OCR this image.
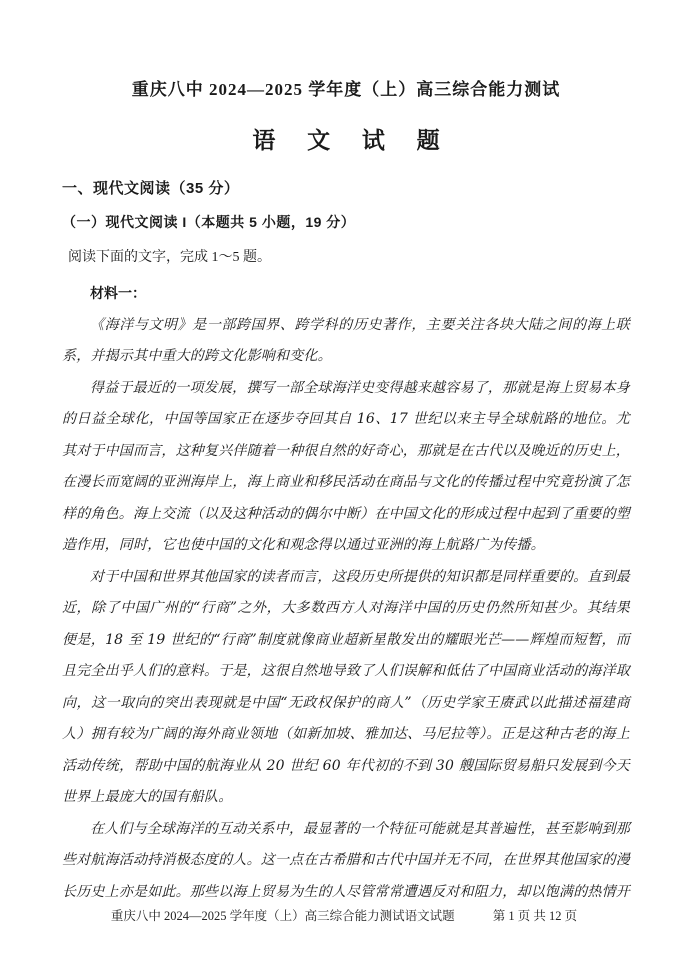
重庆八中 2024—2025 学年度（上）高三综合能力测试
语 文 试 题
一、现代文阅读（35 分）
（一）现代文阅读 I（本题共 5 小题，19 分）
阅读下面的文字，完成 1～5 题。
材料一：

《海洋与文明》是一部跨国界、跨学科的历史著作，主要关注各块大陆之间的海上联系，并揭示其中重大的跨文化影响和变化。

得益于最近的一项发展，撰写一部全球海洋史变得越来越容易了，那就是海上贸易本身的日益全球化，中国等国家正在逐步夺回其自 16、17 世纪以来主导全球航路的地位。尤其对于中国而言，这种复兴伴随着一种很自然的好奇心，那就是在古代以及晚近的历史上，在漫长而宽阔的亚洲海岸上，海上商业和移民活动在商品与文化的传播过程中究竟扮演了怎样的角色。海上交流（以及这种活动的偶尔中断）在中国文化的形成过程中起到了重要的塑造作用，同时，它也使中国的文化和观念得以通过亚洲的海上航路广为传播。

对于中国和世界其他国家的读者而言，这段历史所提供的知识都是同样重要的。直到最近，除了中国广州的“行商”之外，大多数西方人对海洋中国的历史仍然所知甚少。其结果便是，18 至 19 世纪的“行商”制度就像商业超新星散发出的耀眼光芒——辉煌而短暂，而且完全出乎人们的意料。于是，这很自然地导致了人们误解和低估了中国商业活动的海洋取向，这一取向的突出表现就是中国“无政权保护的商人”（历史学家王赓武以此描述福建商人）拥有较为广阔的海外商业领地（如新加坡、雅加达、马尼拉等）。正是这种古老的海上活动传统，帮助中国的航海业从 20 世纪 60 年代初的不到 30 艘国际贸易船只发展到今天世界上最庞大的国有船队。

在人们与全球海洋的互动关系中，最显著的一个特征可能就是其普遍性，甚至影响到那些对航海活动持消极态度的人。这一点在古希腊和古代中国并无不同，在世界其他国家的漫长历史上亦是如此。那些以海上贸易为生的人尽管常常遭遇反对和阻力，却以饱满的热情开

重庆八中 2024—2025 学年度（上）高三综合能力测试语文试题	第 1 页 共 12 页
